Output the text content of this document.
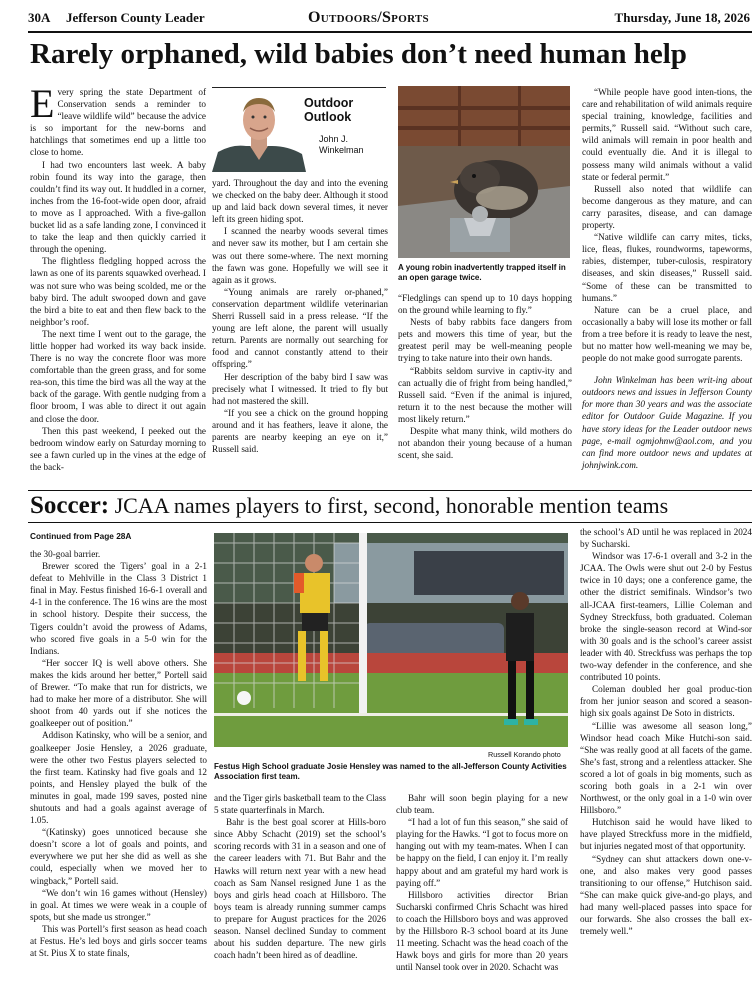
30A Jefferson County Leader	Outdoors/Sports	Thursday, June 18, 2026
Rarely orphaned, wild babies don’t need human help

Every spring the state Department of Conservation sends a reminder to “leave wildlife wild” because the advice is so important for the new-borns and hatchlings that sometimes end up a little too close to home.

I had two encounters last week. A baby robin found its way into the garage, then couldn’t find its way out. It huddled in a corner, inches from the 16-foot-wide open door, afraid to move as I approached. With a five-gallon bucket lid as a safe landing zone, I convinced it to take the leap and then quickly carried it through the opening.

The flightless fledgling hopped across the lawn as one of its parents squawked overhead. I was not sure who was being scolded, me or the baby bird. The adult swooped down and gave the bird a bite to eat and then flew back to the neighbor’s roof.

The next time I went out to the garage, the little hopper had worked its way back inside. There is no way the concrete floor was more comfortable than the green grass, and for some rea-son, this time the bird was all the way at the back of the garage. With gentle nudging from a floor broom, I was able to direct it out again and close the door.

Then this past weekend, I peeked out the bedroom window early on Saturday morning to see a fawn curled up in the vines at the edge of the back-

Outdoor Outlook
John J. Winkelman

yard. Throughout the day and into the evening we checked on the baby deer. Although it stood up and laid back down several times, it never left its green hiding spot.

I scanned the nearby woods several times and never saw its mother, but I am certain she was out there some-where. The next morning the fawn was gone. Hopefully we will see it again as it grows.

“Young animals are rarely or-phaned,” conservation department wildlife veterinarian Sherri Russell said in a press release. “If the young are left alone, the parent will usually return. Parents are normally out searching for food and cannot constantly attend to their offspring.”

Her description of the baby bird I saw was precisely what I witnessed. It tried to fly but had not mastered the skill.

“If you see a chick on the ground hopping around and it has feathers, leave it alone, the parents are nearby keeping an eye on it,” Russell said.

A young robin inadvertently trapped itself in an open garage twice.

“Fledglings can spend up to 10 days hopping on the ground while learning to fly.”

Nests of baby rabbits face dangers from pets and mowers this time of year, but the greatest peril may be well-meaning people trying to take nature into their own hands.

“Rabbits seldom survive in captiv-ity and can actually die of fright from being handled,” Russell said. “Even if the animal is injured, return it to the nest because the mother will most likely return.”

Despite what many think, wild mothers do not abandon their young because of a human scent, she said.

“While people have good inten-tions, the care and rehabilitation of wild animals require special training, knowledge, facilities and permits,” Russell said. “Without such care, wild animals will remain in poor health and could eventually die. And it is illegal to possess many wild animals without a valid state or federal permit.”

Russell also noted that wildlife can become dangerous as they mature, and can carry parasites, disease, and can damage property.

“Native wildlife can carry mites, ticks, lice, fleas, flukes, roundworms, tapeworms, rabies, distemper, tuber-culosis, respiratory diseases, and skin diseases,” Russell said. “Some of these can be transmitted to humans.”

Nature can be a cruel place, and occasionally a baby will lose its mother or fall from a tree before it is ready to leave the nest, but no matter how well-meaning we may be, people do not make good surrogate parents.

John Winkelman has been writ-ing about outdoors news and issues in Jefferson County for more than 30 years and was the associate editor for Outdoor Guide Magazine. If you have story ideas for the Leader outdoor news page, e-mail ogmjohnw@aol.com, and you can find more outdoor news and updates at johnjwink.com.

Soccer: JCAA names players to first, second, honorable mention teams
Continued from Page 28A

the 30-goal barrier.

Brewer scored the Tigers’ goal in a 2-1 defeat to Mehlville in the Class 3 District 1 final in May. Festus finished 16-6-1 overall and 4-1 in the conference. The 16 wins are the most in school history. Despite their success, the Tigers couldn’t avoid the prowess of Adams, who scored five goals in a 5-0 win for the Indians.

“Her soccer IQ is well above others. She makes the kids around her better,” Portell said of Brewer. “To make that run for districts, we had to make her more of a distributor. She will shoot from 40 yards out if she notices the goalkeeper out of position.”

Addison Katinsky, who will be a senior, and goalkeeper Josie Hensley, a 2026 graduate, were the other two Festus players selected to the first team. Katinsky had five goals and 12 points, and Hensley played the bulk of the minutes in goal, made 199 saves, posted nine shutouts and had a goals against average of 1.05.

“(Katinsky) goes unnoticed because she doesn’t score a lot of goals and points, and everywhere we put her she did as well as she could, especially when we moved her to wingback,” Portell said.

“We don’t win 16 games without (Hensley) in goal. At times we were weak in a couple of spots, but she made us stronger.”

This was Portell’s first season as head coach at Festus. He’s led boys and girls soccer teams at St. Pius X to state finals,

Russell Korando photo
Festus High School graduate Josie Hensley was named to the all-Jefferson County Activities Association first team.

and the Tiger girls basketball team to the Class 5 state quarterfinals in March.

Bahr is the best goal scorer at Hills-boro since Abby Schacht (2019) set the school’s scoring records with 31 in a season and one of the career leaders with 71. But Bahr and the Hawks will return next year with a new head coach as Sam Nansel resigned June 1 as the boys and girls head coach at Hillsboro. The boys team is already running summer camps to prepare for August practices for the 2026 season. Nansel declined Sunday to comment about his sudden departure. The new girls coach hadn’t been hired as of deadline.

Bahr will soon begin playing for a new club team.

“I had a lot of fun this season,” she said of playing for the Hawks. “I got to focus more on hanging out with my team-mates. When I can be happy on the field, I can enjoy it. I’m really happy about and am grateful my hard work is paying off.”

Hillsboro activities director Brian Sucharski confirmed Chris Schacht was hired to coach the Hillsboro boys and was approved by the Hillsboro R-3 school board at its June 11 meeting. Schacht was the head coach of the Hawk boys and girls for more than 20 years until Nansel took over in 2020. Schacht was

the school’s AD until he was replaced in 2024 by Sucharski.

Windsor was 17-6-1 overall and 3-2 in the JCAA. The Owls were shut out 2-0 by Festus twice in 10 days; one a conference game, the other the district semifinals. Windsor’s two all-JCAA first-teamers, Lillie Coleman and Sydney Streckfuss, both graduated. Coleman broke the single-season record at Wind-sor with 30 goals and is the school’s career assist leader with 40. Streckfuss was perhaps the top two-way defender in the conference, and she contributed 10 points.

Coleman doubled her goal produc-tion from her junior season and scored a season-high six goals against De Soto in districts.

“Lillie was awesome all season long,” Windsor head coach Mike Hutchi-son said. “She was really good at all facets of the game. She’s fast, strong and a relentless attacker. She scored a lot of goals in big moments, such as scoring both goals in a 2-1 win over Northwest, or the only goal in a 1-0 win over Hillsboro.”

Hutchison said he would have liked to have played Streckfuss more in the midfield, but injuries negated most of that opportunity.

“Sydney can shut attackers down one-v-one, and also makes very good passes transitioning to our offense,” Hutchison said. “She can make quick give-and-go plays, and had many well-placed passes into space for our forwards. She also crosses the ball ex-tremely well.”
